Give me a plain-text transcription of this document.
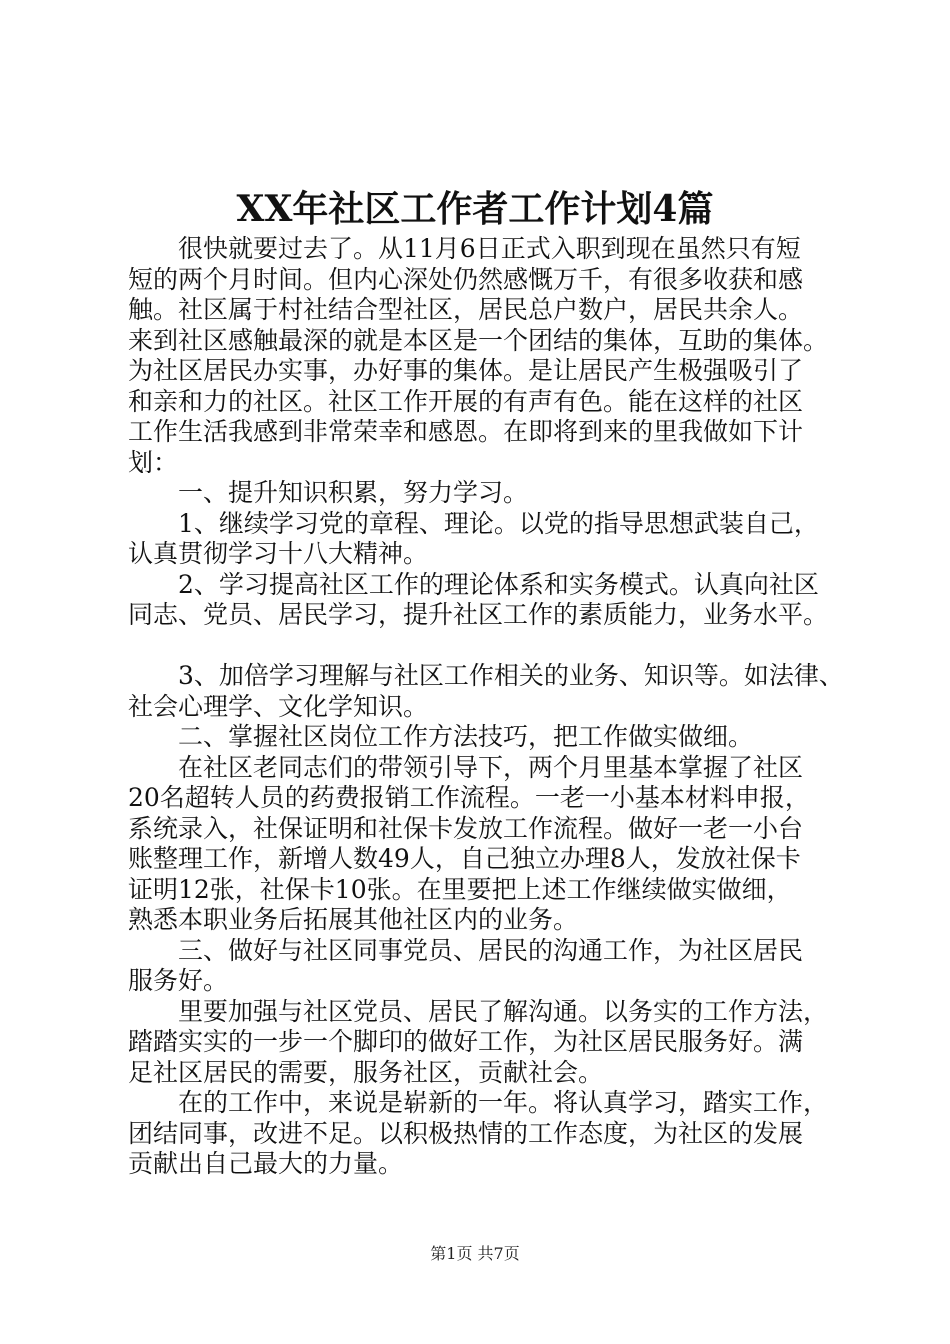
XX年社区工作者工作计划4篇
很快就要过去了。从11月6日正式入职到现在虽然只有短
短的两个月时间。但内心深处仍然感慨万千，有很多收获和感
触。社区属于村社结合型社区，居民总户数户，居民共余人。
来到社区感触最深的就是本区是一个团结的集体，互助的集体。
为社区居民办实事，办好事的集体。是让居民产生极强吸引了
和亲和力的社区。社区工作开展的有声有色。能在这样的社区
工作生活我感到非常荣幸和感恩。在即将到来的里我做如下计
划：
一、提升知识积累，努力学习。
1、继续学习党的章程、理论。以党的指导思想武装自己，
认真贯彻学习十八大精神。
2、学习提高社区工作的理论体系和实务模式。认真向社区
同志、党员、居民学习，提升社区工作的素质能力，业务水平。
3、加倍学习理解与社区工作相关的业务、知识等。如法律、
社会心理学、文化学知识。
二、掌握社区岗位工作方法技巧，把工作做实做细。
在社区老同志们的带领引导下，两个月里基本掌握了社区
20名超转人员的药费报销工作流程。一老一小基本材料申报，
系统录入，社保证明和社保卡发放工作流程。做好一老一小台
账整理工作，新增人数49人，自己独立办理8人，发放社保卡
证明12张，社保卡10张。在里要把上述工作继续做实做细，
熟悉本职业务后拓展其他社区内的业务。
三、做好与社区同事党员、居民的沟通工作，为社区居民
服务好。
里要加强与社区党员、居民了解沟通。以务实的工作方法，
踏踏实实的一步一个脚印的做好工作，为社区居民服务好。满
足社区居民的需要，服务社区，贡献社会。
在的工作中，来说是崭新的一年。将认真学习，踏实工作，
团结同事，改进不足。以积极热情的工作态度，为社区的发展
贡献出自己最大的力量。
第1页 共7页
